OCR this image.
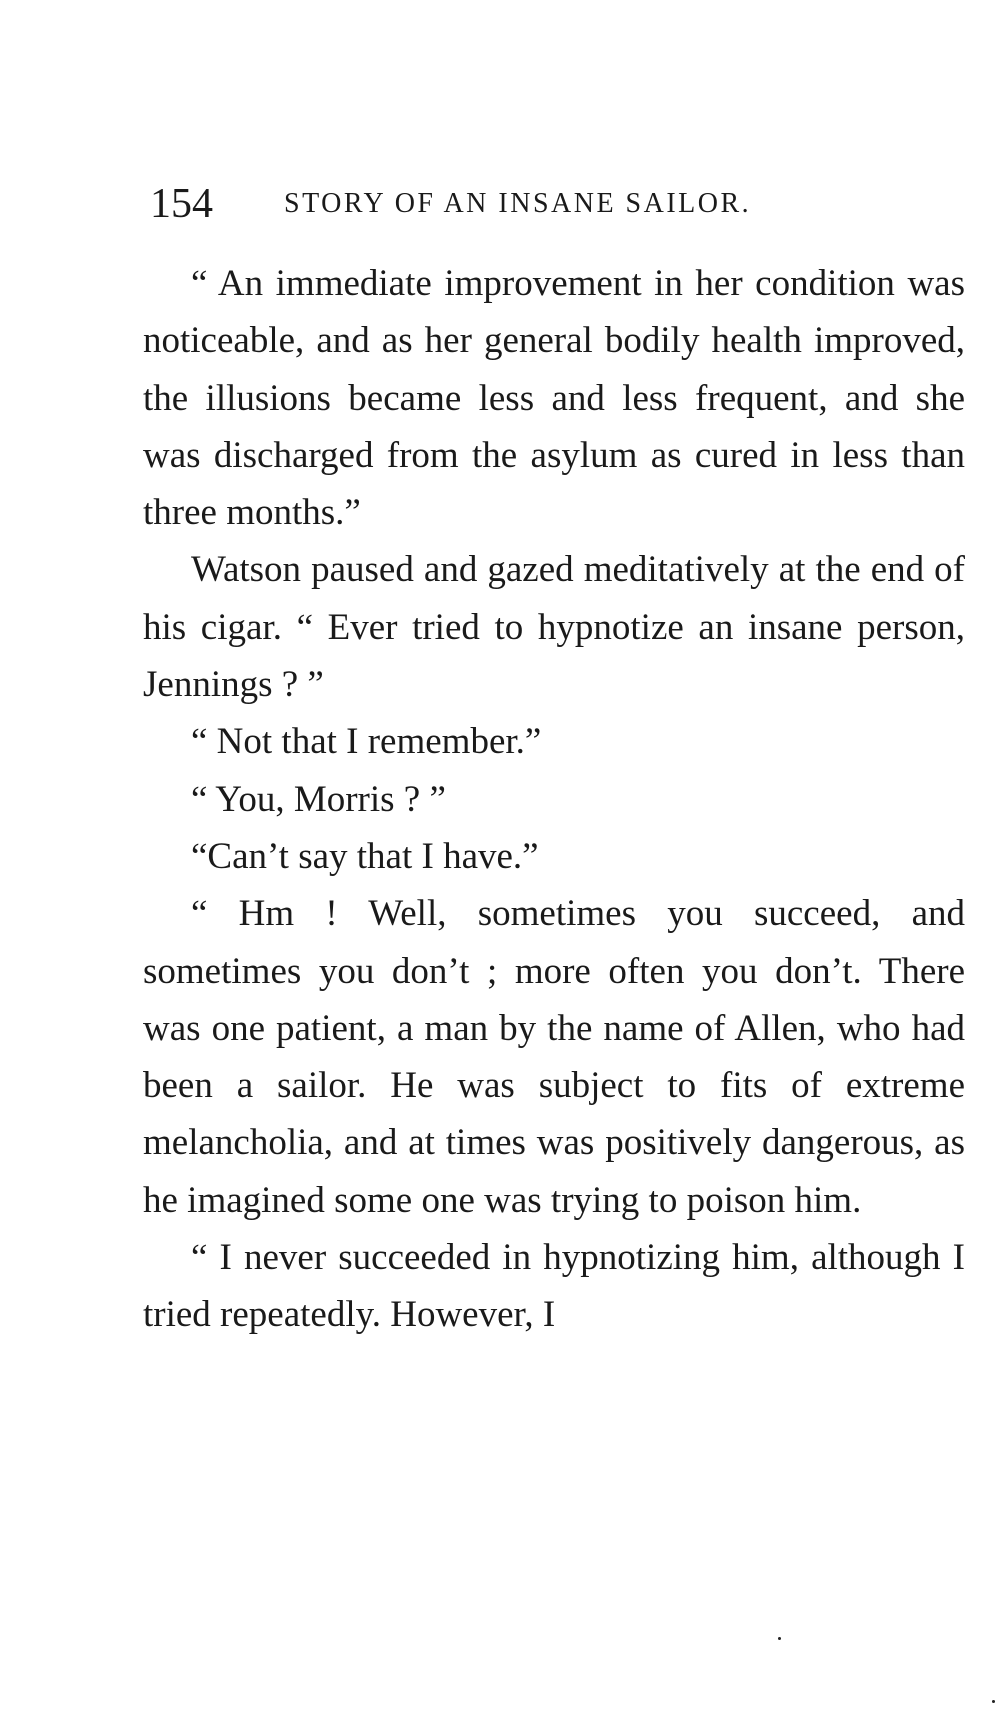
154	STORY OF AN INSANE SAILOR.

“ An immediate improvement in her condition was noticeable, and as her general bodily health improved, the illusions became less and less frequent, and she was discharged from the asylum as cured in less than three months.”

Watson paused and gazed meditatively at the end of his cigar. “ Ever tried to hypnotize an insane person, Jennings ? ”

“ Not that I remember.”

“ You, Morris ? ”

“Can’t say that I have.”

“ Hm ! Well, sometimes you succeed, and sometimes you don’t ; more often you don’t. There was one patient, a man by the name of Allen, who had been a sailor. He was subject to fits of extreme melancholia, and at times was positively dangerous, as he imagined some one was trying to poison him.

“ I never succeeded in hypnotizing him, although I tried repeatedly. However, I
